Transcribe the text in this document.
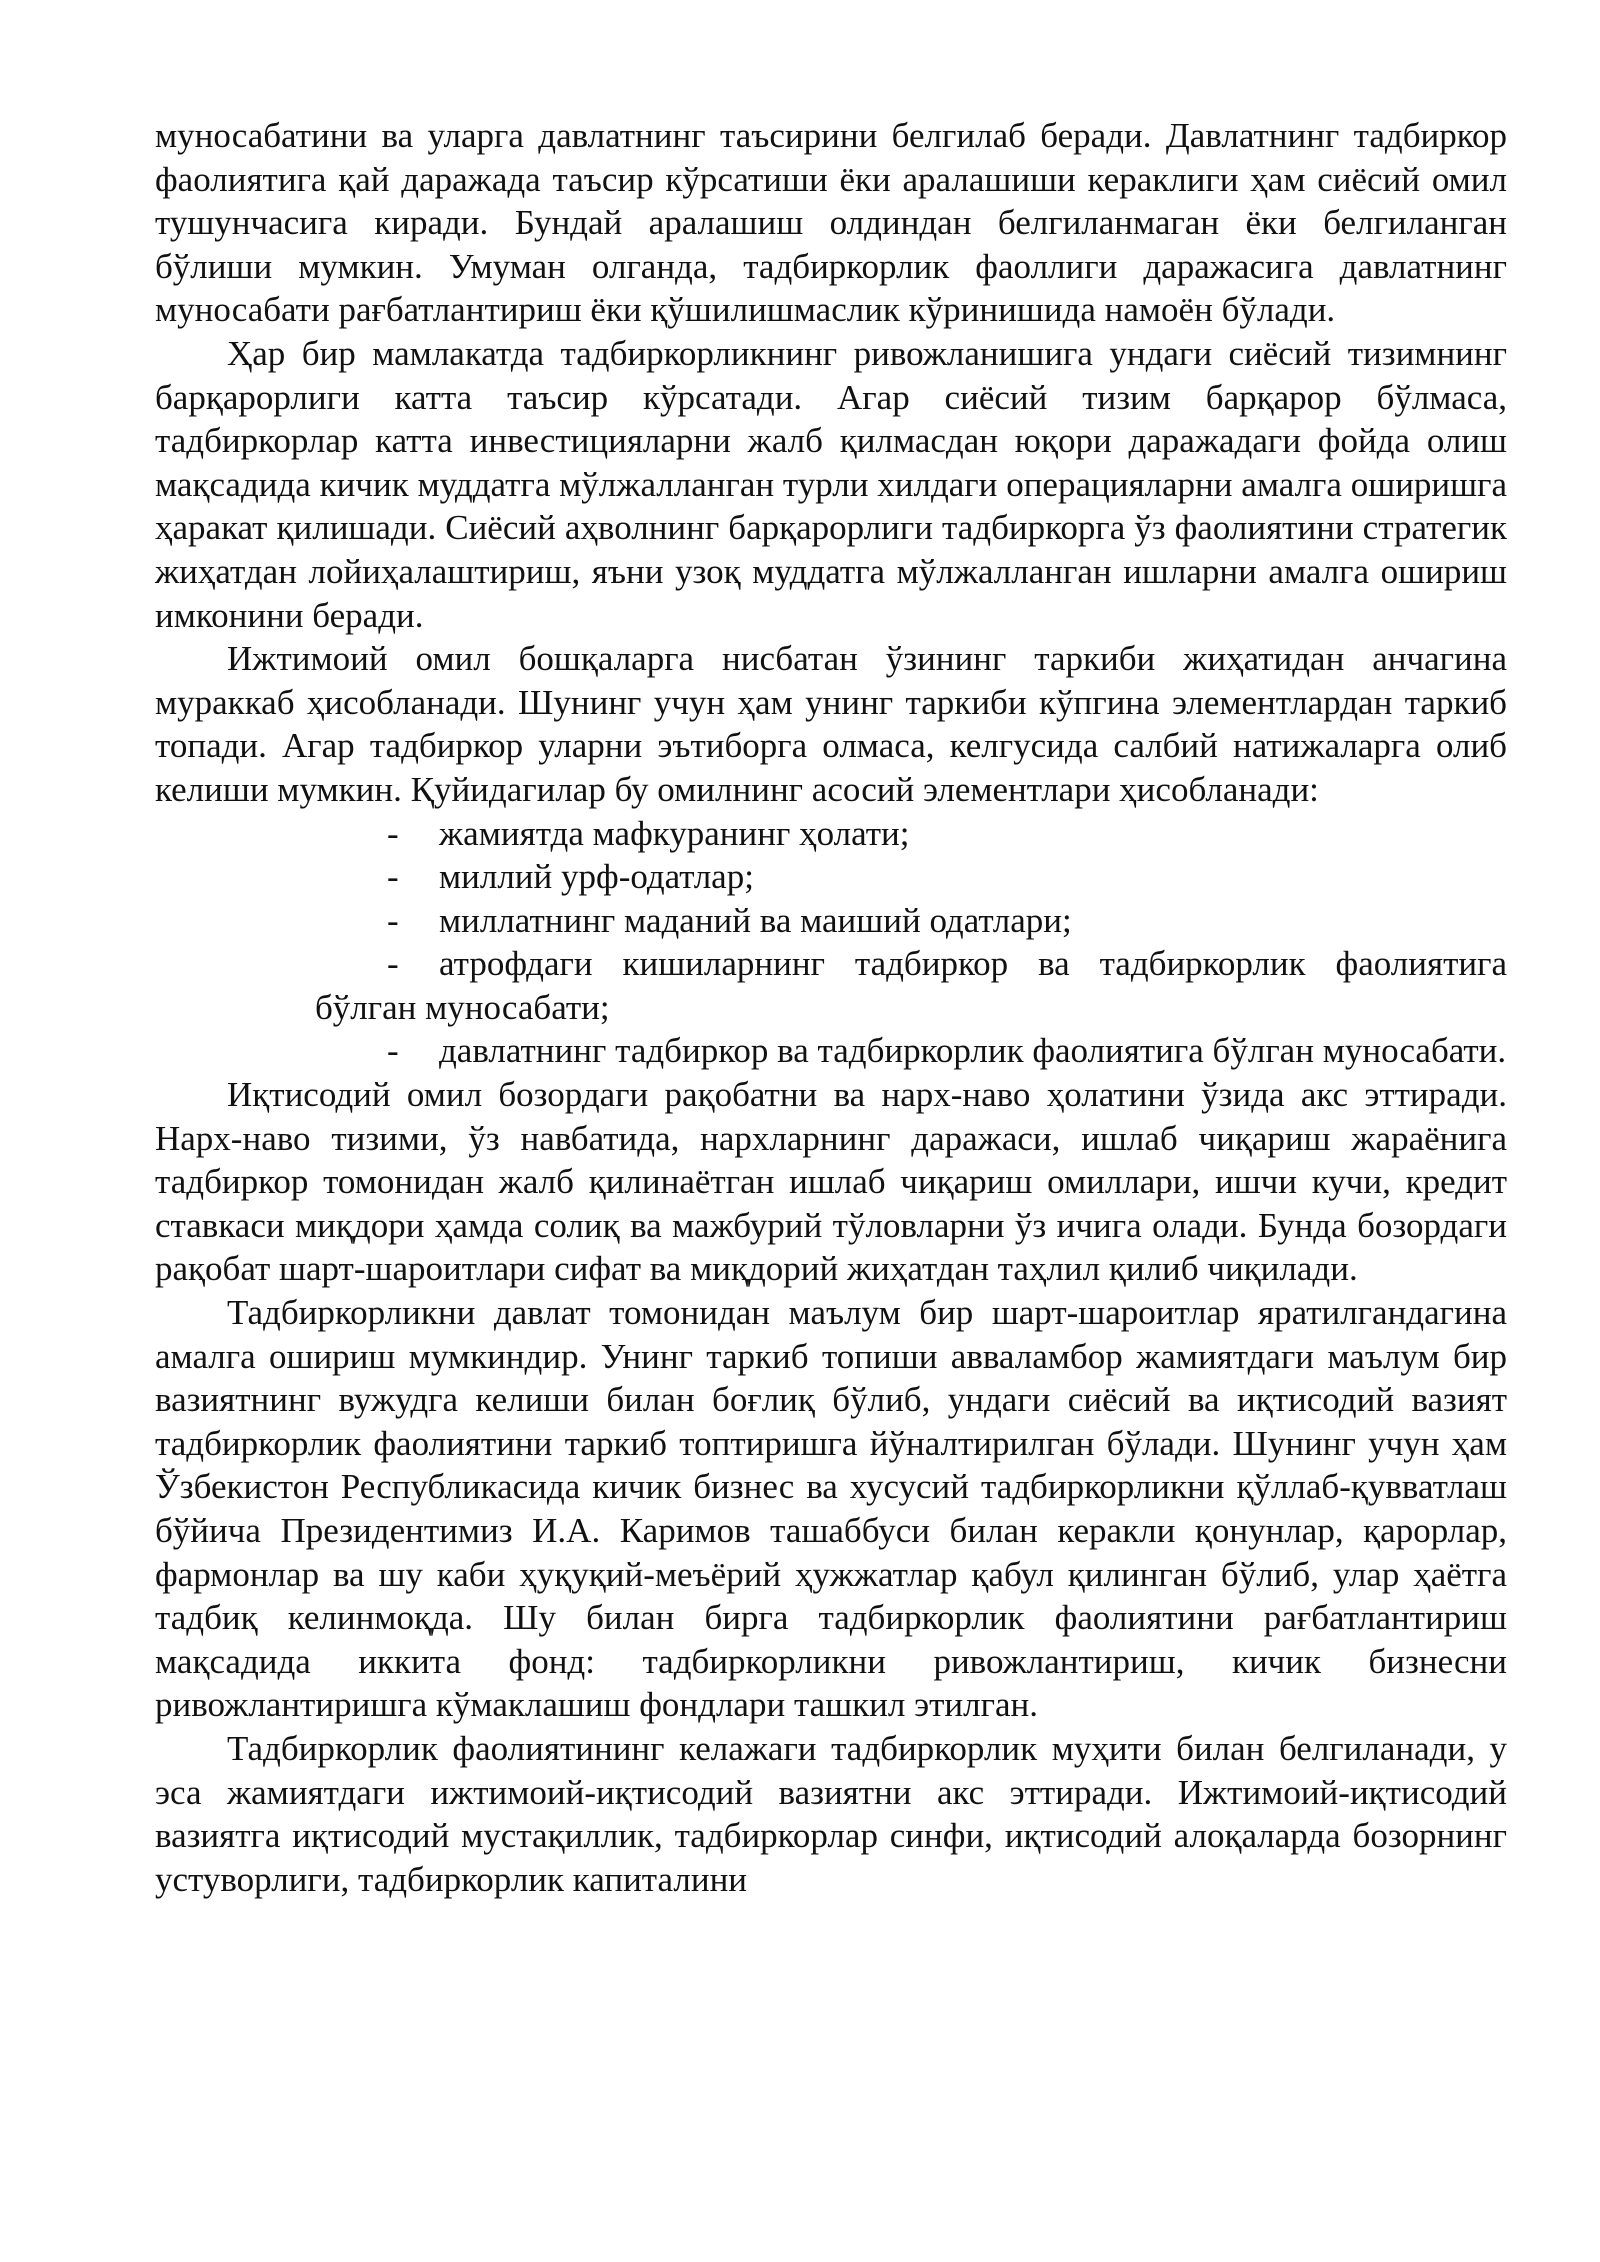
муносабатини ва уларга давлатнинг таъсирини белгилаб беради. Давлатнинг тадбиркор фаолиятига қай даражада таъсир кўрсатиши ёки аралашиши кераклиги ҳам сиёсий омил тушунчасига киради. Бундай аралашиш олдиндан белгиланмаган ёки белгиланган бўлиши мумкин. Умуман олганда, тадбиркорлик фаоллиги даражасига давлатнинг муносабати рағбатлантириш ёки қўшилишмаслик кўринишида намоён бўлади.

Ҳар бир мамлакатда тадбиркорликнинг ривожланишига ундаги сиёсий тизимнинг барқарорлиги катта таъсир кўрсатади. Агар сиёсий тизим барқарор бўлмаса, тадбиркорлар катта инвестицияларни жалб қилмасдан юқори даражадаги фойда олиш мақсадида кичик муддатга мўлжалланган турли хилдаги операцияларни амалга оширишга ҳаракат қилишади. Сиёсий аҳволнинг барқарорлиги тадбиркорга ўз фаолиятини стратегик жиҳатдан лойиҳалаштириш, яъни узоқ муддатга мўлжалланган ишларни амалга ошириш имконини беради.

Ижтимоий омил бошқаларга нисбатан ўзининг таркиби жиҳатидан анчагина мураккаб ҳисобланади. Шунинг учун ҳам унинг таркиби кўпгина элементлардан таркиб топади. Агар тадбиркор уларни эътиборга олмаса, келгусида салбий натижаларга олиб келиши мумкин. Қуйидагилар бу омилнинг асосий элементлари ҳисобланади:

- жамиятда мафкуранинг ҳолати;
- миллий урф-одатлар;
- миллатнинг маданий ва маиший одатлари;
- атрофдаги кишиларнинг тадбиркор ва тадбиркорлик фаолиятига бўлган муносабати;
- давлатнинг тадбиркор ва тадбиркорлик фаолиятига бўлган муносабати.

Иқтисодий омил бозордаги рақобатни ва нарх-наво ҳолатини ўзида акс эттиради. Нарх-наво тизими, ўз навбатида, нархларнинг даражаси, ишлаб чиқариш жараёнига тадбиркор томонидан жалб қилинаётган ишлаб чиқариш омиллари, ишчи кучи, кредит ставкаси миқдори ҳамда солиқ ва мажбурий тўловларни ўз ичига олади. Бунда бозордаги рақобат шарт-шароитлари сифат ва миқдорий жиҳатдан таҳлил қилиб чиқилади.

Тадбиркорликни давлат томонидан маълум бир шарт-шароитлар яратилгандагина амалга ошириш мумкиндир. Унинг таркиб топиши авваламбор жамиятдаги маълум бир вазиятнинг вужудга келиши билан боғлиқ бўлиб, ундаги сиёсий ва иқтисодий вазият тадбиркорлик фаолиятини таркиб топтиришга йўналтирилган бўлади. Шунинг учун ҳам Ўзбекистон Республикасида кичик бизнес ва хусусий тадбиркорликни қўллаб-қувватлаш бўйича Президентимиз И.А. Каримов ташаббуси билан керакли қонунлар, қарорлар, фармонлар ва шу каби ҳуқуқий-меъёрий ҳужжатлар қабул қилинган бўлиб, улар ҳаётга тадбиқ келинмоқда. Шу билан бирга тадбиркорлик фаолиятини рағбатлантириш мақсадида иккита фонд: тадбиркорликни ривожлантириш, кичик бизнесни ривожлантиришга кўмаклашиш фондлари ташкил этилган.

Тадбиркорлик фаолиятининг келажаги тадбиркорлик муҳити билан белгиланади, у эса жамиятдаги ижтимоий-иқтисодий вазиятни акс эттиради. Ижтимоий-иқтисодий вазиятга иқтисодий мустақиллик, тадбиркорлар синфи, иқтисодий алоқаларда бозорнинг устуворлиги, тадбиркорлик капиталини
